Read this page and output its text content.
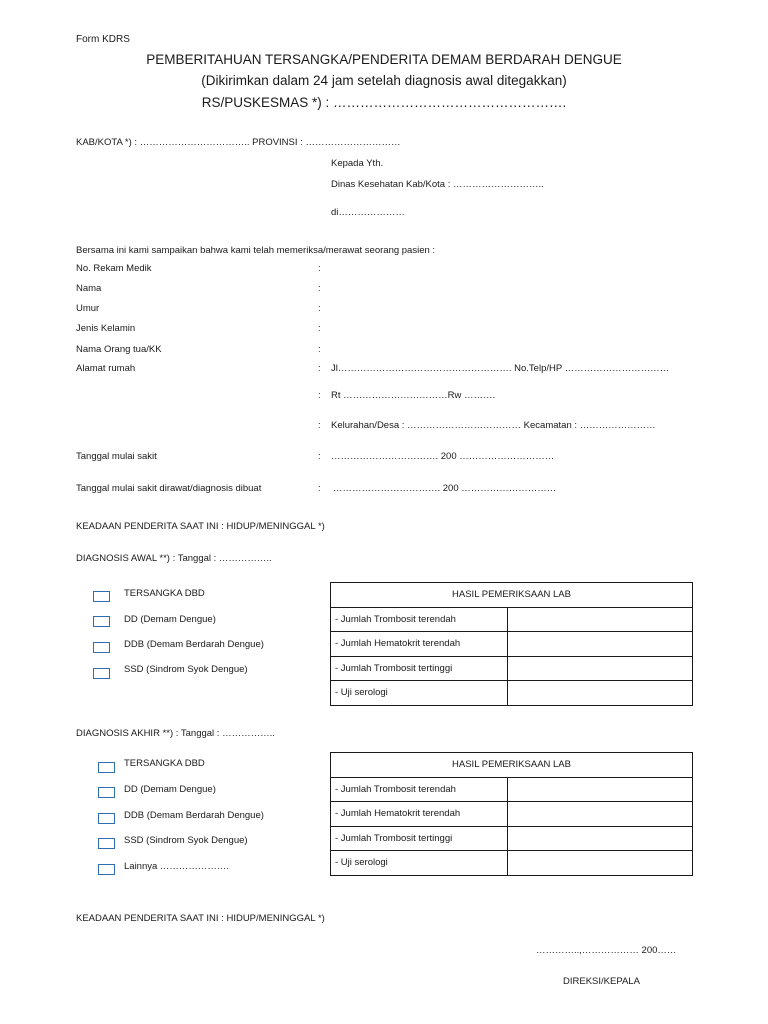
Form KDRS
PEMBERITAHUAN TERSANGKA/PENDERITA DEMAM BERDARAH DENGUE
(Dikirimkan dalam 24 jam setelah diagnosis awal ditegakkan)
RS/PUSKESMAS *) : …………………………………………….
KAB/KOTA *) : …………………………….. PROVINSI : …………………………
Kepada Yth.
Dinas Kesehatan Kab/Kota : ………………………..
di…………………
Bersama ini kami sampaikan bahwa kami telah memeriksa/merawat seorang pasien :
No. Rekam Medik	:
Nama	:
Umur	:
Jenis Kelamin	:
Nama Orang tua/KK	:
Alamat rumah	: Jl………………………………………………. No.Telp/HP ……………………………
: Rt ……………………………Rw ……….
: Kelurahan/Desa : ……………………………… Kecamatan : ……………………
Tanggal mulai sakit	: ……………………………. 200 …………………………
Tanggal mulai sakit dirawat/diagnosis dibuat	: ……………………………. 200 …………………………
KEADAAN PENDERITA SAAT INI : HIDUP/MENINGGAL *)
DIAGNOSIS AWAL **) : Tanggal : ……………..
TERSANGKA DBD
DD (Demam Dengue)
DDB (Demam Berdarah Dengue)
SSD (Sindrom Syok Dengue)
HASIL PEMERIKSAAN LAB	
- Jumlah Trombosit terendah	
- Jumlah Hematokrit terendah	
- Jumlah Trombosit tertinggi	
- Uji serologi	
DIAGNOSIS AKHIR **) : Tanggal : ……………..
TERSANGKA DBD
DD (Demam Dengue)
DDB (Demam Berdarah Dengue)
SSD (Sindrom Syok Dengue)
Lainnya ………………….
HASIL PEMERIKSAAN LAB	
- Jumlah Trombosit terendah	
- Jumlah Hematokrit terendah	
- Jumlah Trombosit tertinggi	
- Uji serologi	
KEADAAN PENDERITA SAAT INI : HIDUP/MENINGGAL *)
…………..,……………… 200……
DIREKSI/KEPALA
